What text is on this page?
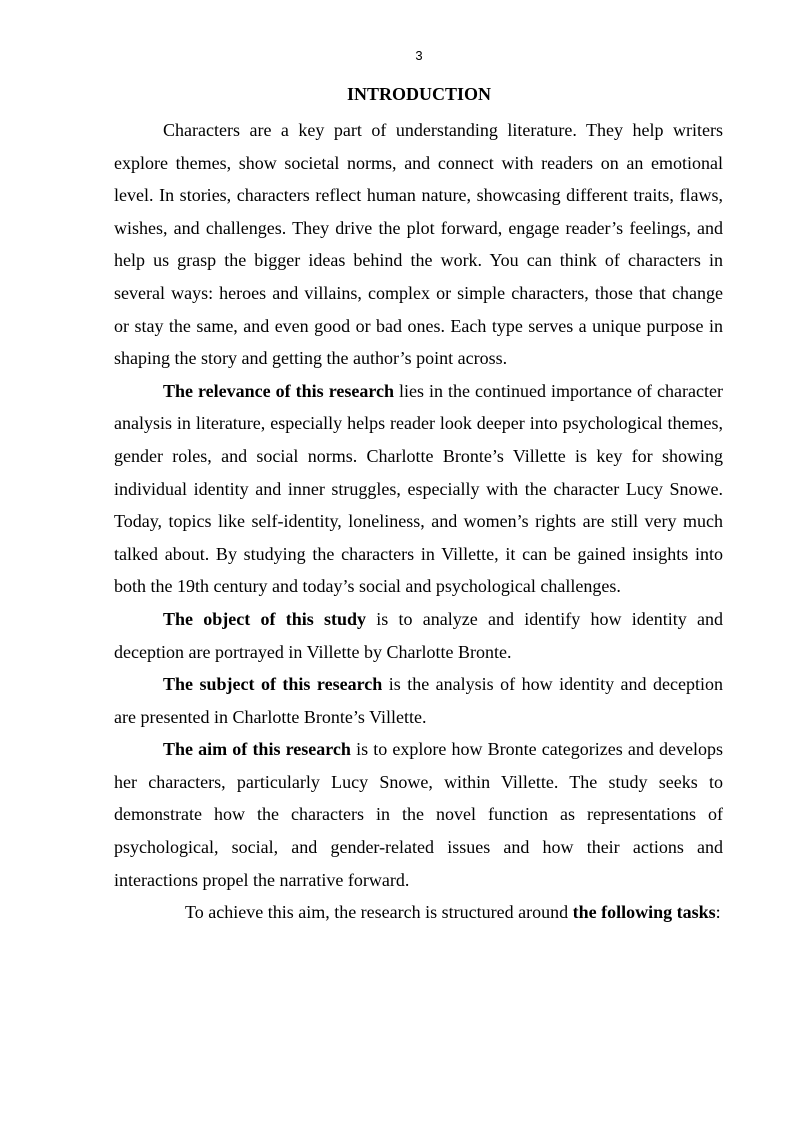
3
INTRODUCTION

Characters are a key part of understanding literature. They help writers explore themes, show societal norms, and connect with readers on an emotional level. In stories, characters reflect human nature, showcasing different traits, flaws, wishes, and challenges. They drive the plot forward, engage reader’s feelings, and help us grasp the bigger ideas behind the work. You can think of characters in several ways: heroes and villains, complex or simple characters, those that change or stay the same, and even good or bad ones. Each type serves a unique purpose in shaping the story and getting the author’s point across.

The relevance of this research lies in the continued importance of character analysis in literature, especially helps reader look deeper into psychological themes, gender roles, and social norms. Charlotte Bronte’s Villette is key for showing individual identity and inner struggles, especially with the character Lucy Snowe. Today, topics like self-identity, loneliness, and women’s rights are still very much talked about. By studying the characters in Villette, it can be gained insights into both the 19th century and today’s social and psychological challenges.

The object of this study is to analyze and identify how identity and deception are portrayed in Villette by Charlotte Bronte.

The subject of this research is the analysis of how identity and deception are presented in Charlotte Bronte’s Villette.

The aim of this research is to explore how Bronte categorizes and develops her characters, particularly Lucy Snowe, within Villette. The study seeks to demonstrate how the characters in the novel function as representations of psychological, social, and gender-related issues and how their actions and interactions propel the narrative forward.

To achieve this aim, the research is structured around the following tasks:
